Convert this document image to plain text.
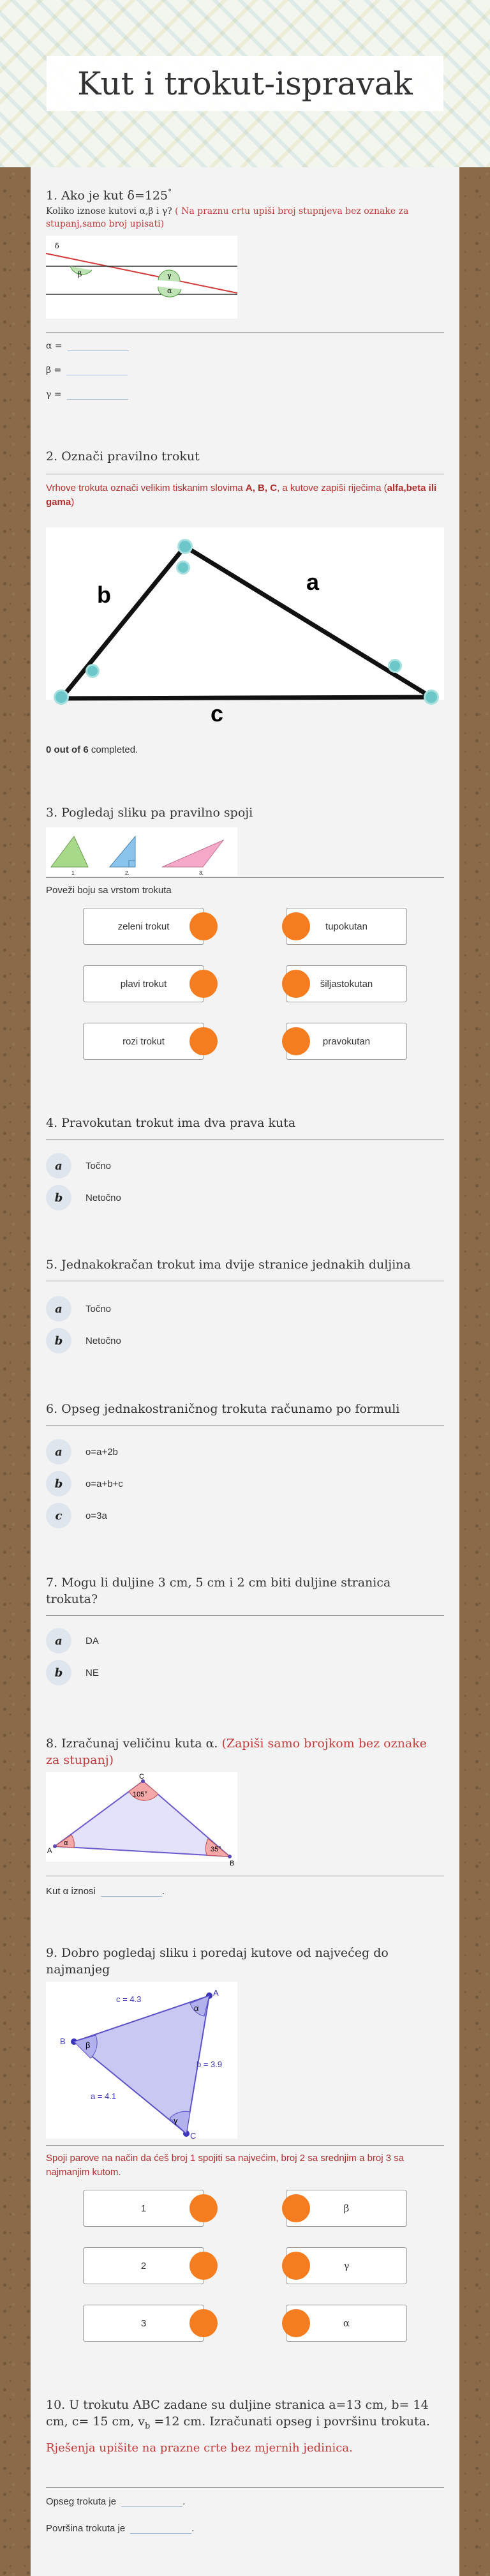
Kut i trokut-ispravak
1. Ako je kut δ=125°
Koliko iznose kutovi α,β i γ? ( Na praznu crtu upiši broj stupnjeva bez oznake za stupanj,samo broj upisati)
β	γ
α
δ
α =
β =
γ =
2. Označi pravilno trokut
Vrhove trokuta označi velikim tiskanim slovima A, B, C, a kutove zapiši riječima (alfa,beta ili gama)
b	a
c
0 out of 6 completed.
3. Pogledaj sliku pa pravilno spoji
1.	2.	3.
Poveži boju sa vrstom trokuta
zeleni trokut	tupokutan
plavi trokut	šiljastokutan
rozi trokut	pravokutan
4. Pravokutan trokut ima dva prava kuta
a	Točno
b	Netočno
5. Jednakokračan trokut ima dvije stranice jednakih duljina
a	Točno
b	Netočno
6. Opseg jednakostraničnog trokuta računamo po formuli
a	o=a+2b
b	o=a+b+c
c	o=3a
7. Mogu li duljine 3 cm, 5 cm i 2 cm biti duljine stranica trokuta?
a	DA
b	NE
8. Izračunaj veličinu kuta α. (Zapiši samo brojkom bez oznake za stupanj)
A
B
C
105°
35°
α
Kut α iznosi	.
9. Dobro pogledaj sliku i poredaj kutove od najvećeg do najmanjeg
A
B
C
c = 4.3
b = 3.9
a = 4.1
α
β
γ
Spoji parove na način da ćeš broj 1 spojiti sa najvećim, broj 2 sa srednjim a broj 3 sa najmanjim kutom.
1	β
2	γ
3	α
10. U trokutu ABC zadane su duljine stranica a=13 cm, b= 14 cm, c= 15 cm, $v_b =12$ cm. Izračunati opseg i površinu trokuta.
Rješenja upišite na prazne crte bez mjernih jedinica.
Opseg trokuta je	.
Površina trokuta je	.
